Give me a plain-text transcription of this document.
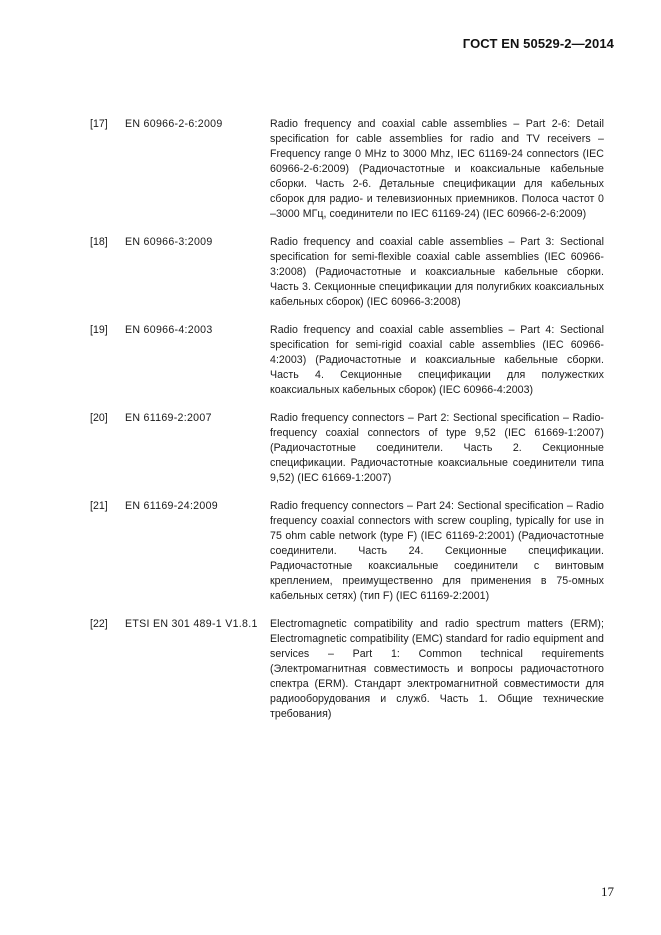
ГОСТ EN 50529-2—2014
[17]	EN 60966-2-6:2009	Radio frequency and coaxial cable assemblies – Part 2-6: Detail specification for cable assemblies for radio and TV receivers – Frequency range 0 MHz to 3000 Mhz, IEC 61169-24 connectors (IEC 60966-2-6:2009) (Радиочастотные и коаксиальные кабельные сборки. Часть 2-6. Детальные спецификации для кабельных сборок для радио- и телевизионных приемников. Полоса частот 0 –3000 МГц, соединители по IEC 61169-24) (IEC 60966-2-6:2009)
[18]	EN 60966-3:2009	Radio frequency and coaxial cable assemblies – Part 3: Sectional specification for semi-flexible coaxial cable assemblies (IEC 60966-3:2008) (Радиочастотные и коаксиальные кабельные сборки. Часть 3. Секционные спецификации для полугибких коаксиальных кабельных сборок) (IEC 60966-3:2008)
[19]	EN 60966-4:2003	Radio frequency and coaxial cable assemblies – Part 4: Sectional specification for semi-rigid coaxial cable assemblies (IEC 60966-4:2003) (Радиочастотные и коаксиальные кабельные сборки. Часть 4. Секционные спецификации для полужестких коаксиальных кабельных сборок) (IEC 60966-4:2003)
[20]	EN 61169-2:2007	Radio frequency connectors – Part 2: Sectional specification – Radio-frequency coaxial connectors of type 9,52 (IEC 61669-1:2007) (Радиочастотные соединители. Часть 2. Секционные спецификации. Радиочастотные коаксиальные соединители типа 9,52) (IEC 61669-1:2007)
[21]	EN 61169-24:2009	Radio frequency connectors – Part 24: Sectional specification – Radio frequency coaxial connectors with screw coupling, typically for use in 75 ohm cable network (type F) (IEC 61169-2:2001) (Радиочастотные соединители. Часть 24. Секционные спецификации. Радиочастотные коаксиальные соединители с винтовым креплением, преимущественно для применения в 75-омных кабельных сетях) (тип F) (IEC 61169-2:2001)
[22]	ETSI EN 301 489-1 V1.8.1	Electromagnetic compatibility and radio spectrum matters (ERM); Electromagnetic compatibility (EMC) standard for radio equipment and services – Part 1: Common technical requirements (Электромагнитная совместимость и вопросы радиочастотного спектра (ERM). Стандарт электромагнитной совместимости для радиооборудования и служб. Часть 1. Общие технические требования)
17
